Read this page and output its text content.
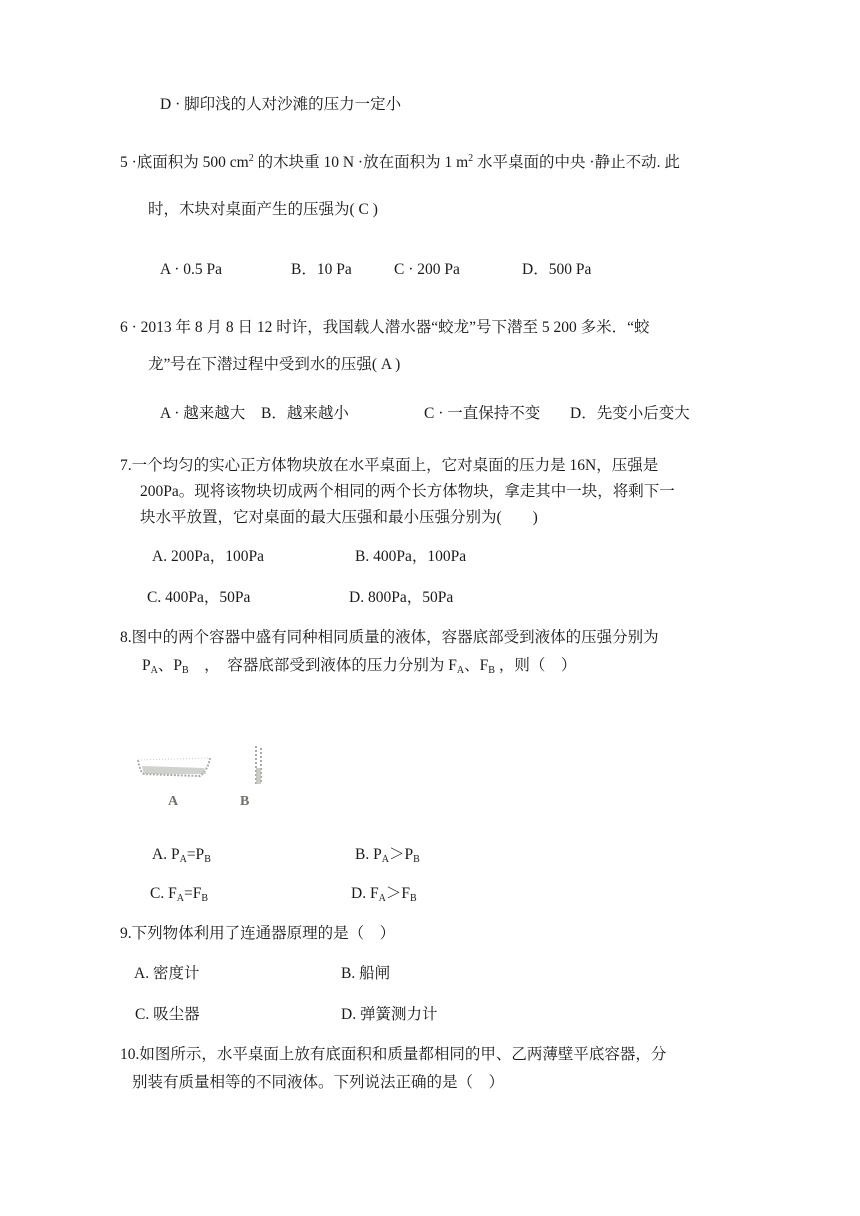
D · 脚印浅的人对沙滩的压力一定小
5 ·底面积为 500 $cm^2$ 的木块重 10 N ·放在面积为 1 $m^2$ 水平桌面的中央 ·静止不动. 此
时，木块对桌面产生的压强为( C )
A · 0.5 Pa	B．10 Pa	C · 200 Pa	D．500 Pa
6 · 2013 年 8 月 8 日 12 时许，我国载人潜水器“蛟龙”号下潜至 5 200 多米．“蛟
龙”号在下潜过程中受到水的压强( A )
A · 越来越大 B．越来越小	C · 一直保持不变 D．先变小后变大
7.一个均匀的实心正方体物块放在水平桌面上，它对桌面的压力是 16N，压强是
200Pa。现将该物块切成两个相同的两个长方体物块，拿走其中一块，将剩下一
块水平放置，它对桌面的最大压强和最小压强分别为(　　)
A. 200Pa，100Pa	B. 400Pa，100Pa
C. 400Pa，50Pa	D. 800Pa，50Pa
8.图中的两个容器中盛有同种相同质量的液体，容器底部受到液体的压强分别为
$P_A$、$P_B$　，　容器底部受到液体的压力分别为 $F_A$、$F_B$ ，则（　）
A	B
A. $P_A=P_B$	B. $P_A>P_B$
C. $F_A=F_B$	D. $F_A>F_B$
9.下列物体利用了连通器原理的是（　）
A. 密度计	B. 船闸
C. 吸尘器	D. 弹簧测力计
10.如图所示，水平桌面上放有底面积和质量都相同的甲、乙两薄壁平底容器，分
别装有质量相等的不同液体。下列说法正确的是（　）
